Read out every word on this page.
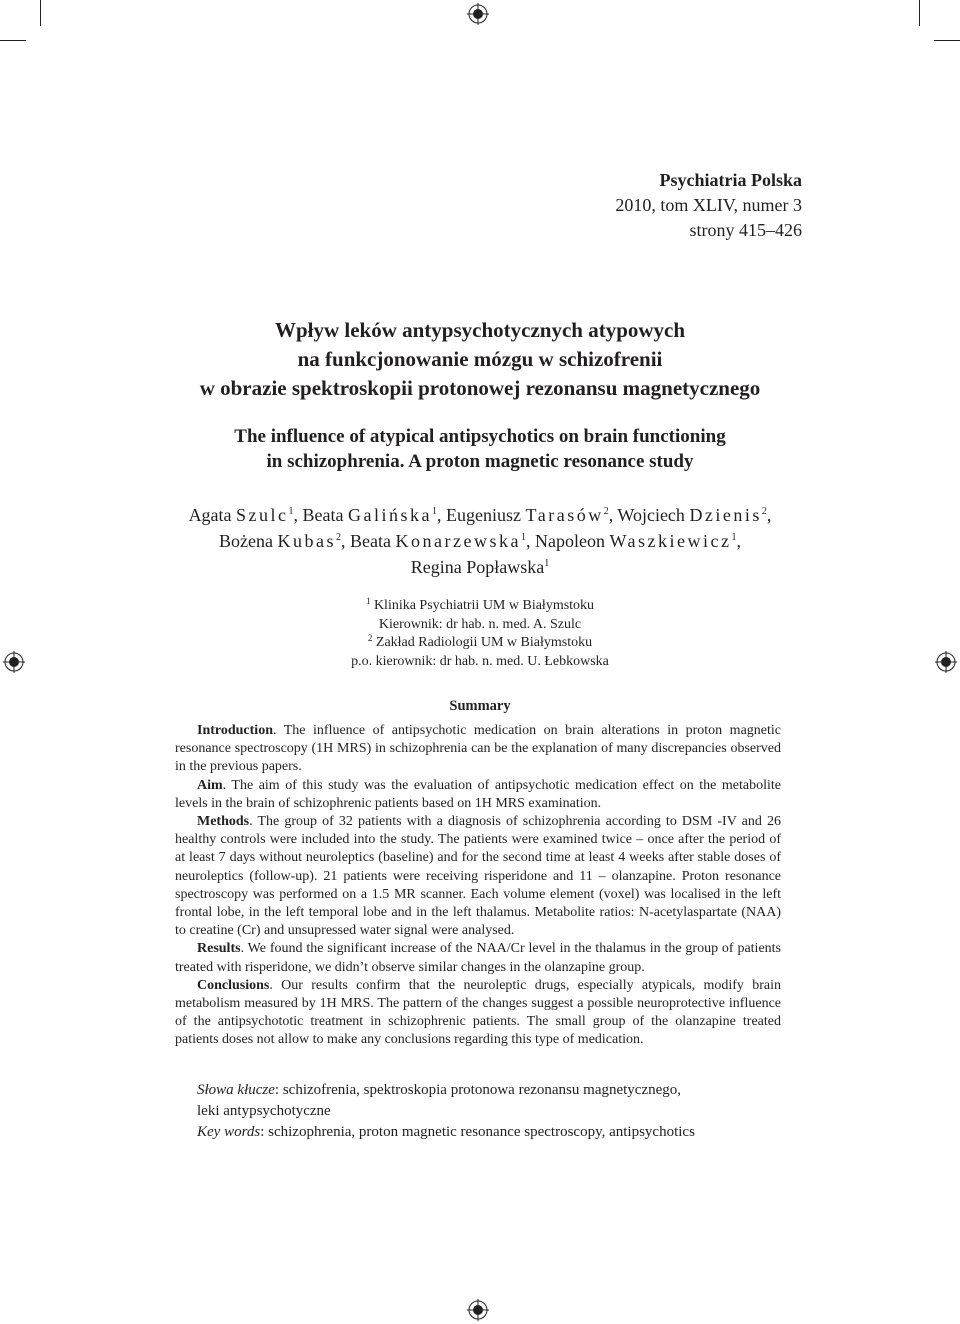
Psychiatria Polska
2010, tom XLIV, numer 3
strony 415–426
Wpływ leków antypsychotycznych atypowych
na funkcjonowanie mózgu w schizofrenii
w obrazie spektroskopii protonowej rezonansu magnetycznego
The influence of atypical antipsychotics on brain functioning
in schizophrenia. A proton magnetic resonance study
Agata Szulc$^1$, Beata Galińska$^1$, Eugeniusz Tarasów$^2$, Wojciech Dzienis$^2$,
Bożena Kubas$^2$, Beata Konarzewska$^1$, Napoleon Waszkiewicz$^1$,
Regina Popławska$^1$
$^1$ Klinika Psychiatrii UM w Białymstoku
Kierownik: dr hab. n. med. A. Szulc
$^2$ Zakład Radiologii UM w Białymstoku
p.o. kierownik: dr hab. n. med. U. Łebkowska
Summary

Introduction. The influence of antipsychotic medication on brain alterations in proton magnetic resonance spectroscopy (1H MRS) in schizophrenia can be the explanation of many discrepancies observed in the previous papers.

Aim. The aim of this study was the evaluation of antipsychotic medication effect on the metabolite levels in the brain of schizophrenic patients based on 1H MRS examination.

Methods. The group of 32 patients with a diagnosis of schizophrenia according to DSM -IV and 26 healthy controls were included into the study. The patients were examined twice – once after the period of at least 7 days without neuroleptics (baseline) and for the second time at least 4 weeks after stable doses of neuroleptics (follow-up). 21 patients were receiving risperidone and 11 – olanzapine. Proton resonance spectroscopy was performed on a 1.5 MR scanner. Each volume element (voxel) was localised in the left frontal lobe, in the left temporal lobe and in the left thalamus. Metabolite ratios: N-acetylaspartate (NAA) to creatine (Cr) and unsupressed water signal were analysed.

Results. We found the significant increase of the NAA/Cr level in the thalamus in the group of patients treated with risperidone, we didn’t observe similar changes in the olanzapine group.

Conclusions. Our results confirm that the neuroleptic drugs, especially atypicals, modify brain metabolism measured by 1H MRS. The pattern of the changes suggest a possible neuroprotective influence of the antipsychototic treatment in schizophrenic patients. The small group of the olanzapine treated patients doses not allow to make any conclusions regarding this type of medication.

Słowa kłucze: schizofrenia, spektroskopia protonowa rezonansu magnetycznego,

leki antypsychotyczne

Key words: schizophrenia, proton magnetic resonance spectroscopy, antipsychotics
